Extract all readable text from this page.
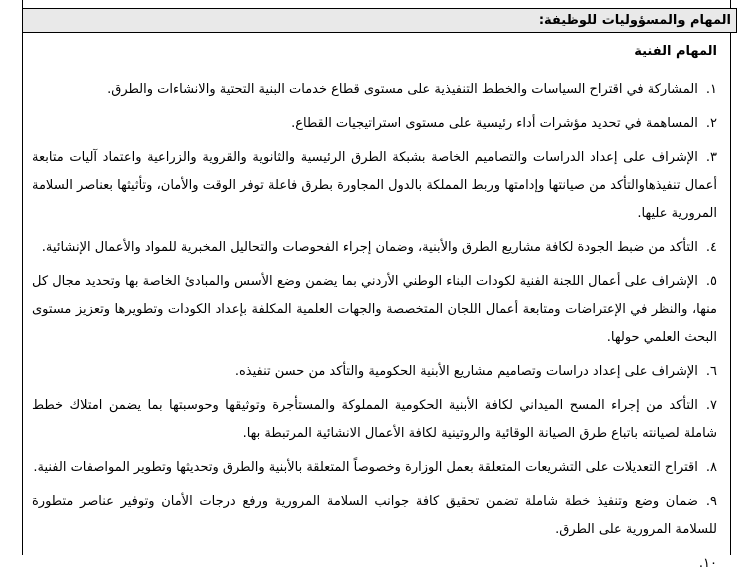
المهام والمسؤوليات للوظيفة:
المهام الفنية

١.المشاركة في اقتراح السياسات والخطط التنفيذية على مستوى قطاع خدمات البنية التحتية والانشاءات والطرق.

٢.المساهمة في تحديد مؤشرات أداء رئيسية على مستوى استراتيجيات القطاع.

٣.الإشراف على إعداد الدراسات والتصاميم الخاصة بشبكة الطرق الرئيسية والثانوية والقروية والزراعية واعتماد آليات متابعة أعمال تنفيذهاوالتأكد من صيانتها وإدامتها وربط المملكة بالدول المجاورة بطرق فاعلة توفر الوقت والأمان، وتأثيثها بعناصر السلامة المرورية عليها.

٤.التأكد من ضبط الجودة لكافة مشاريع الطرق والأبنية، وضمان إجراء الفحوصات والتحاليل المخبرية للمواد والأعمال الإنشائية.

٥.الإشراف على أعمال اللجنة الفنية لكودات البناء الوطني الأردني بما يضمن وضع الأسس والمبادئ الخاصة بها وتحديد مجال كل منها، والنظر في الإعتراضات ومتابعة أعمال اللجان المتخصصة والجهات العلمية المكلفة بإعداد الكودات وتطويرها وتعزيز مستوى البحث العلمي حولها.

٦.الإشراف على إعداد دراسات وتصاميم مشاريع الأبنية الحكومية والتأكد من حسن تنفيذه.

٧.التأكد من إجراء المسح الميداني لكافة الأبنية الحكومية المملوكة والمستأجرة وتوثيقها وحوسبتها بما يضمن امتلاك خطط شاملة لصيانته باتباع طرق الصيانة الوقائية والروتينية لكافة الأعمال الانشائية المرتبطة بها.

٨.اقتراح التعديلات على التشريعات المتعلقة بعمل الوزارة وخصوصاً المتعلقة بالأبنية والطرق وتحديثها وتطوير المواصفات الفنية.

٩.ضمان وضع وتنفيذ خطة شاملة تضمن تحقيق كافة جوانب السلامة المرورية ورفع درجات الأمان وتوفير عناصر متطورة للسلامة المرورية على الطرق.

١٠.
